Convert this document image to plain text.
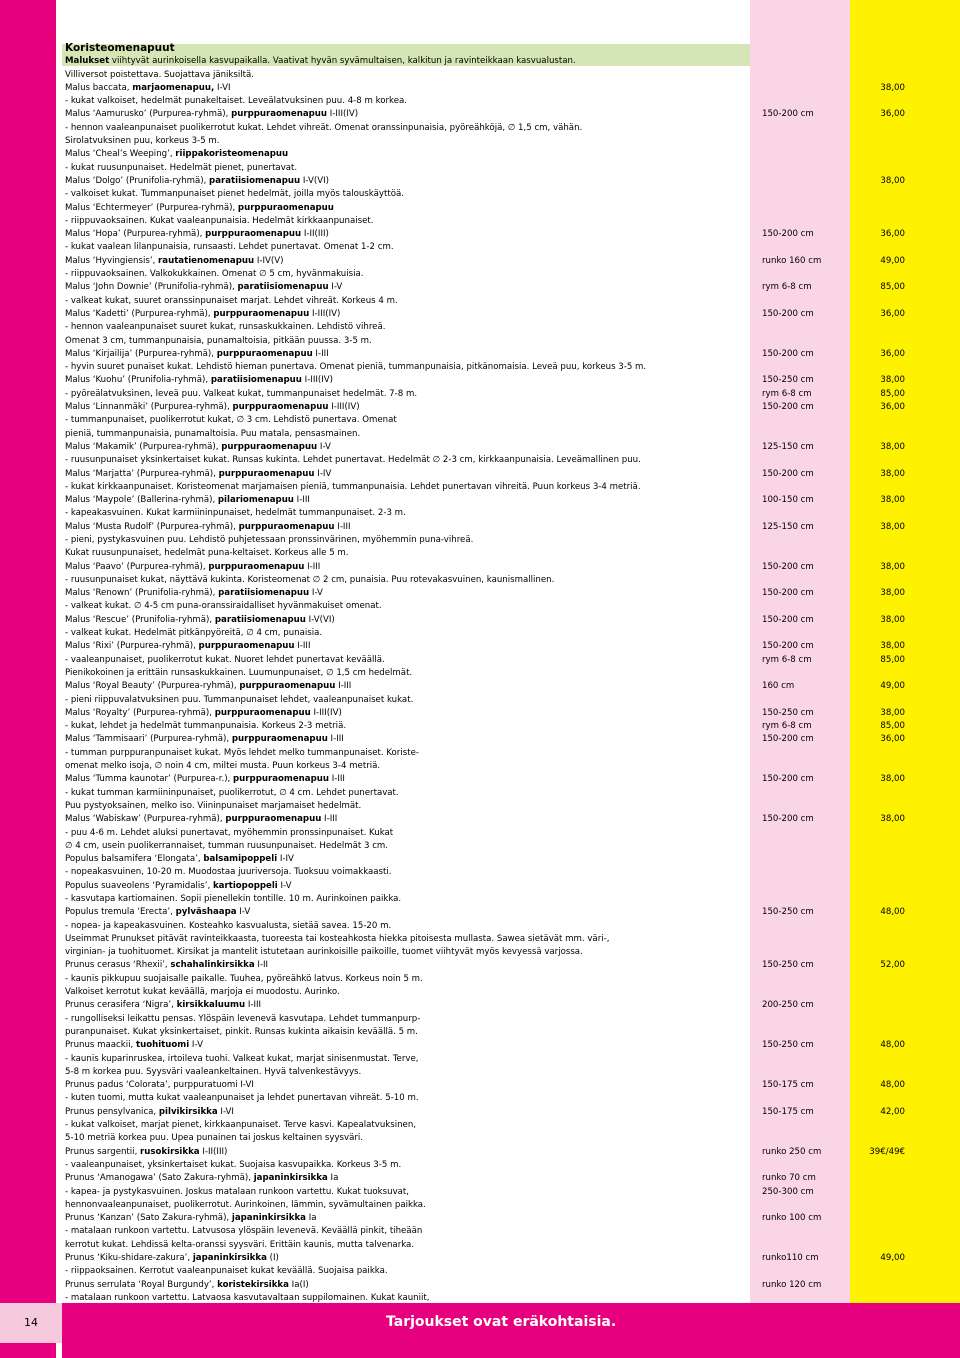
14	Tarjoukset ovat eräkohtaisia.
Koristeomenapuut
Malukset viihtyvät aurinkoisella kasvupaikalla. Vaativat hyvän syvämultaisen, kalkitun ja ravinteikkaan kasvualustan.
Villiversot poistettava. Suojattava jäniksiltä.
Malus baccata, marjaomenapuu, I-VI	38,00
- kukat valkoiset, hedelmät punakeltaiset. Leveälatvuksinen puu. 4-8 m korkea.
Malus ‘Aamurusko’ (Purpurea-ryhmä), purppuraomenapuu I-III(IV)	150-200 cm	36,00
- hennon vaaleanpunaiset puolikerrotut kukat. Lehdet vihreät. Omenat oranssinpunaisia, pyöreähköjä, ∅ 1,5 cm, vähän.
Sirolatvuksinen puu, korkeus 3-5 m.
Malus ‘Cheal’s Weeping’, riippakoristeomenapuu
- kukat ruusunpunaiset. Hedelmät pienet, punertavat.
Malus ‘Dolgo’ (Prunifolia-ryhmä), paratiisiomenapuu I-V(VI)	38,00
- valkoiset kukat. Tummanpunaiset pienet hedelmät, joilla myös talouskäyttöä.
Malus ‘Echtermeyer’ (Purpurea-ryhmä), purppuraomenapuu
- riippuvaoksainen. Kukat vaaleanpunaisia. Hedelmät kirkkaanpunaiset.
Malus ‘Hopa’ (Purpurea-ryhmä), purppuraomenapuu I-II(III)	150-200 cm	36,00
- kukat vaalean lilanpunaisia, runsaasti. Lehdet punertavat. Omenat 1-2 cm.
Malus ‘Hyvingiensis’, rautatienomenapuu I-IV(V)	runko 160 cm	49,00
- riippuvaoksainen. Valkokukkainen. Omenat ∅ 5 cm, hyvänmakuisia.
Malus ‘John Downie’ (Prunifolia-ryhmä), paratiisiomenapuu I-V	rym 6-8 cm	85,00
- valkeat kukat, suuret oranssinpunaiset marjat. Lehdet vihreät. Korkeus 4 m.
Malus ‘Kadetti’ (Purpurea-ryhmä), purppuraomenapuu I-III(IV)	150-200 cm	36,00
- hennon vaaleanpunaiset suuret kukat, runsaskukkainen. Lehdistö vihreä.
Omenat 3 cm, tummanpunaisia, punamaltoisia, pitkään puussa. 3-5 m.
Malus ‘Kirjailija’ (Purpurea-ryhmä), purppuraomenapuu I-III	150-200 cm	36,00
- hyvin suuret punaiset kukat. Lehdistö hieman punertava. Omenat pieniä, tummanpunaisia, pitkänomaisia. Leveä puu, korkeus 3-5 m.
Malus ‘Kuohu’ (Prunifolia-ryhmä), paratiisiomenapuu I-III(IV)	150-250 cm	38,00
- pyöreälatvuksinen, leveä puu. Valkeat kukat, tummanpunaiset hedelmät. 7-8 m.	rym 6-8 cm	85,00
Malus ‘Linnanmäki’ (Purpurea-ryhmä), purppuraomenapuu I-III(IV)	150-200 cm	36,00
- tummanpunaiset, puolikerrotut kukat, ∅ 3 cm. Lehdistö punertava. Omenat
pieniä, tummanpunaisia, punamaltoisia. Puu matala, pensasmainen.
Malus ‘Makamik’ (Purpurea-ryhmä), purppuraomenapuu I-V	125-150 cm	38,00
- ruusunpunaiset yksinkertaiset kukat. Runsas kukinta. Lehdet punertavat. Hedelmät ∅ 2-3 cm, kirkkaanpunaisia. Leveämallinen puu.
Malus ‘Marjatta’ (Purpurea-ryhmä), purppuraomenapuu I-IV	150-200 cm	38,00
- kukat kirkkaanpunaiset. Koristeomenat marjamaisen pieniä, tummanpunaisia. Lehdet punertavan vihreitä. Puun korkeus 3-4 metriä.
Malus ‘Maypole’ (Ballerina-ryhmä), pilariomenapuu I-III	100-150 cm	38,00
- kapeakasvuinen. Kukat karmiininpunaiset, hedelmät tummanpunaiset. 2-3 m.
Malus ‘Musta Rudolf’ (Purpurea-ryhmä), purppuraomenapuu I-III	125-150 cm	38,00
- pieni, pystykasvuinen puu. Lehdistö puhjetessaan pronssinvärinen, myöhemmin puna-vihreä.
Kukat ruusunpunaiset, hedelmät puna-keltaiset. Korkeus alle 5 m.
Malus ‘Paavo’ (Purpurea-ryhmä), purppuraomenapuu I-III	150-200 cm	38,00
- ruusunpunaiset kukat, näyttävä kukinta. Koristeomenat ∅ 2 cm, punaisia. Puu rotevakasvuinen, kaunismallinen.
Malus ‘Renown’ (Prunifolia-ryhmä), paratiisiomenapuu I-V	150-200 cm	38,00
- valkeat kukat. ∅ 4-5 cm puna-oranssiraidalliset hyvänmakuiset omenat.
Malus ‘Rescue’ (Prunifolia-ryhmä), paratiisiomenapuu I-V(VI)	150-200 cm	38,00
- valkeat kukat. Hedelmät pitkänpyöreitä, ∅ 4 cm, punaisia.
Malus ‘Rixi’ (Purpurea-ryhmä), purppuraomenapuu I-III	150-200 cm	38,00
- vaaleanpunaiset, puolikerrotut kukat. Nuoret lehdet punertavat keväällä.	rym 6-8 cm	85,00
Pienikokoinen ja erittäin runsaskukkainen. Luumunpunaiset, ∅ 1,5 cm hedelmät.
Malus ‘Royal Beauty’ (Purpurea-ryhmä), purppuraomenapuu I-III	160 cm	49,00
- pieni riippuvalatvuksinen puu. Tummanpunaiset lehdet, vaaleanpunaiset kukat.
Malus ‘Royalty’ (Purpurea-ryhmä), purppuraomenapuu I-III(IV)	150-250 cm	38,00
- kukat, lehdet ja hedelmät tummanpunaisia. Korkeus 2-3 metriä.	rym 6-8 cm	85,00
Malus ‘Tammisaari’ (Purpurea-ryhmä), purppuraomenapuu I-III	150-200 cm	36,00
- tumman purppuranpunaiset kukat. Myös lehdet melko tummanpunaiset. Koriste-
omenat melko isoja, ∅ noin 4 cm, miltei musta. Puun korkeus 3-4 metriä.
Malus ‘Tumma kaunotar’ (Purpurea-r.), purppuraomenapuu I-III	150-200 cm	38,00
- kukat tumman karmiininpunaiset, puolikerrotut, ∅ 4 cm. Lehdet punertavat.
Puu pystyoksainen, melko iso. Viininpunaiset marjamaiset hedelmät.
Malus ‘Wabiskaw’ (Purpurea-ryhmä), purppuraomenapuu I-III	150-200 cm	38,00
- puu 4-6 m. Lehdet aluksi punertavat, myöhemmin pronssinpunaiset. Kukat
∅ 4 cm, usein puolikerrannaiset, tumman ruusunpunaiset. Hedelmät 3 cm.
Populus balsamifera ‘Elongata’, balsamipoppeli I-IV
- nopeakasvuinen, 10-20 m. Muodostaa juuriversoja. Tuoksuu voimakkaasti.
Populus suaveolens ‘Pyramidalis’, kartiopoppeli I-V
- kasvutapa kartiomainen. Sopii pienellekin tontille. 10 m. Aurinkoinen paikka.
Populus tremula ‘Erecta’, pylväshaapa I-V	150-250 cm	48,00
- nopea- ja kapeakasvuinen. Kosteahko kasvualusta, sietää savea. 15-20 m.
Useimmat Prunukset pitävät ravinteikkaasta, tuoreesta tai kosteahkosta hiekka pitoisesta mullasta. Sawea sietävät mm. väri-,
virginian- ja tuohituomet. Kirsikat ja mantelit istutetaan aurinkoisille paikoille, tuomet viihtyvät myös kevyessä varjossa.
Prunus cerasus ‘Rhexii’, schahalinkirsikka I-II	150-250 cm	52,00
- kaunis pikkupuu suojaisalle paikalle. Tuuhea, pyöreähkö latvus. Korkeus noin 5 m.
Valkoiset kerrotut kukat keväällä, marjoja ei muodostu. Aurinko.
Prunus cerasifera ‘Nigra’, kirsikkaluumu I-III	200-250 cm
- rungolliseksi leikattu pensas. Ylöspäin levenevä kasvutapa. Lehdet tummanpurp-
puranpunaiset. Kukat yksinkertaiset, pinkit. Runsas kukinta aikaisin keväällä. 5 m.
Prunus maackii, tuohituomi I-V	150-250 cm	48,00
- kaunis kuparinruskea, irtoileva tuohi. Valkeat kukat, marjat sinisenmustat. Terve,
5-8 m korkea puu. Syysväri vaaleankeltainen. Hyvä talvenkestävyys.
Prunus padus ‘Colorata’, purppuratuomi I-VI	150-175 cm	48,00
- kuten tuomi, mutta kukat vaaleanpunaiset ja lehdet punertavan vihreät. 5-10 m.
Prunus pensylvanica, pilvikirsikka I-VI	150-175 cm	42,00
- kukat valkoiset, marjat pienet, kirkkaanpunaiset. Terve kasvi. Kapealatvuksinen,
5-10 metriä korkea puu. Upea punainen tai joskus keltainen syysväri.
Prunus sargentii, rusokirsikka I-II(III)	runko 250 cm	39€/49€
- vaaleanpunaiset, yksinkertaiset kukat. Suojaisa kasvupaikka. Korkeus 3-5 m.
Prunus ‘Amanogawa’ (Sato Zakura-ryhmä), japaninkirsikka Ia	runko 70 cm
- kapea- ja pystykasvuinen. Joskus matalaan runkoon vartettu. Kukat tuoksuvat,	250-300 cm
hennonvaaleanpunaiset, puolikerrotut. Aurinkoinen, lämmin, syvämultainen paikka.
Prunus ‘Kanzan’ (Sato Zakura-ryhmä), japaninkirsikka Ia	runko 100 cm
- matalaan runkoon vartettu. Latvusosa ylöspäin levenevä. Keväällä pinkit, tiheään
kerrotut kukat. Lehdissä kelta-oranssi syysväri. Erittäin kaunis, mutta talvenarka.
Prunus ‘Kiku-shidare-zakura’, japaninkirsikka (I)	runko110 cm	49,00
- riippaoksainen. Kerrotut vaaleanpunaiset kukat keväällä. Suojaisa paikka.
Prunus serrulata ‘Royal Burgundy’, koristekirsikka Ia(I)	runko 120 cm
- matalaan runkoon vartettu. Latvaosa kasvutavaltaan suppilomainen. Kukat kauniit,
